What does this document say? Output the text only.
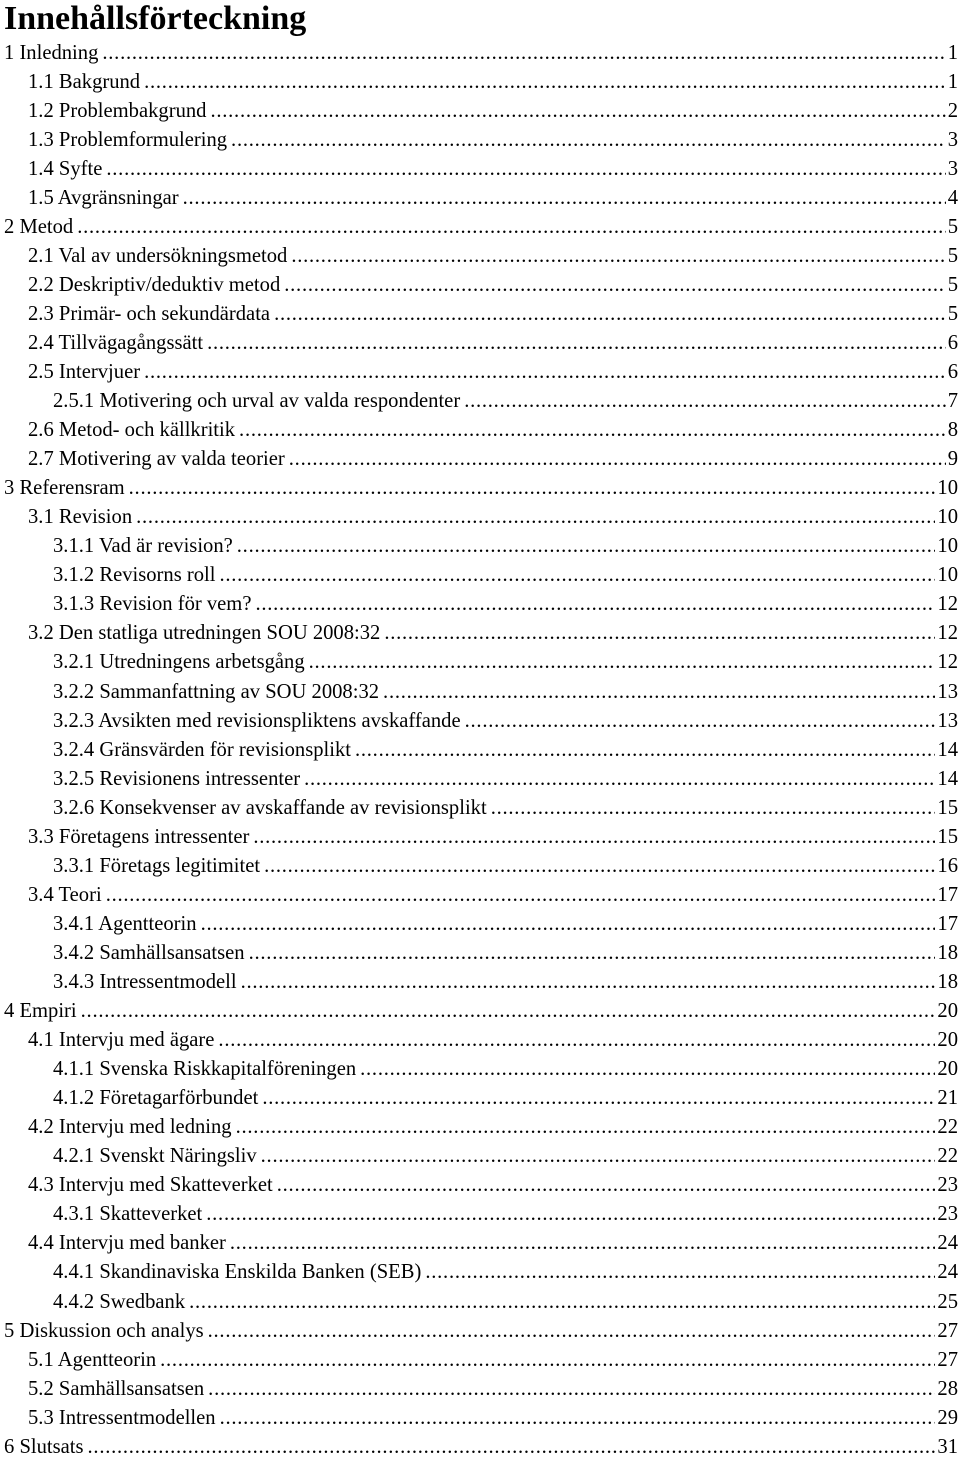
Innehållsförteckning
1 Inledning . . .	1
1.1 Bakgrund . . .	1
1.2 Problembakgrund . . .	2
1.3 Problemformulering . . .	3
1.4 Syfte . . .	3
1.5 Avgränsningar . . .	4
2 Metod . . .	5
2.1 Val av undersökningsmetod . . .	5
2.2 Deskriptiv/deduktiv metod . . .	5
2.3 Primär- och sekundärdata . . .	5
2.4 Tillvägagångssätt . . .	6
2.5 Intervjuer . . .	6
2.5.1 Motivering och urval av valda respondenter . . .	7
2.6 Metod- och källkritik . . .	8
2.7 Motivering av valda teorier . . .	9
3 Referensram . . .	10
3.1 Revision . . .	10
3.1.1 Vad är revision? . . .	10
3.1.2 Revisorns roll . . .	10
3.1.3 Revision för vem? . . .	12
3.2 Den statliga utredningen SOU 2008:32 . . .	12
3.2.1 Utredningens arbetsgång . . .	12
3.2.2 Sammanfattning av SOU 2008:32 . . .	13
3.2.3 Avsikten med revisionspliktens avskaffande . . .	13
3.2.4 Gränsvärden för revisionsplikt . . .	14
3.2.5 Revisionens intressenter . . .	14
3.2.6 Konsekvenser av avskaffande av revisionsplikt . . .	15
3.3 Företagens intressenter . . .	15
3.3.1 Företags legitimitet . . .	16
3.4 Teori . . .	17
3.4.1 Agentteorin . . .	17
3.4.2 Samhällsansatsen . . .	18
3.4.3 Intressentmodell . . .	18
4 Empiri . . .	20
4.1 Intervju med ägare . . .	20
4.1.1 Svenska Riskkapitalföreningen . . .	20
4.1.2 Företagarförbundet . . .	21
4.2 Intervju med ledning . . .	22
4.2.1 Svenskt Näringsliv . . .	22
4.3 Intervju med Skatteverket . . .	23
4.3.1 Skatteverket . . .	23
4.4 Intervju med banker . . .	24
4.4.1 Skandinaviska Enskilda Banken (SEB) . . .	24
4.4.2 Swedbank . . .	25
5 Diskussion och analys . . .	27
5.1 Agentteorin . . .	27
5.2 Samhällsansatsen . . .	28
5.3 Intressentmodellen . . .	29
6 Slutsats . . .	31
